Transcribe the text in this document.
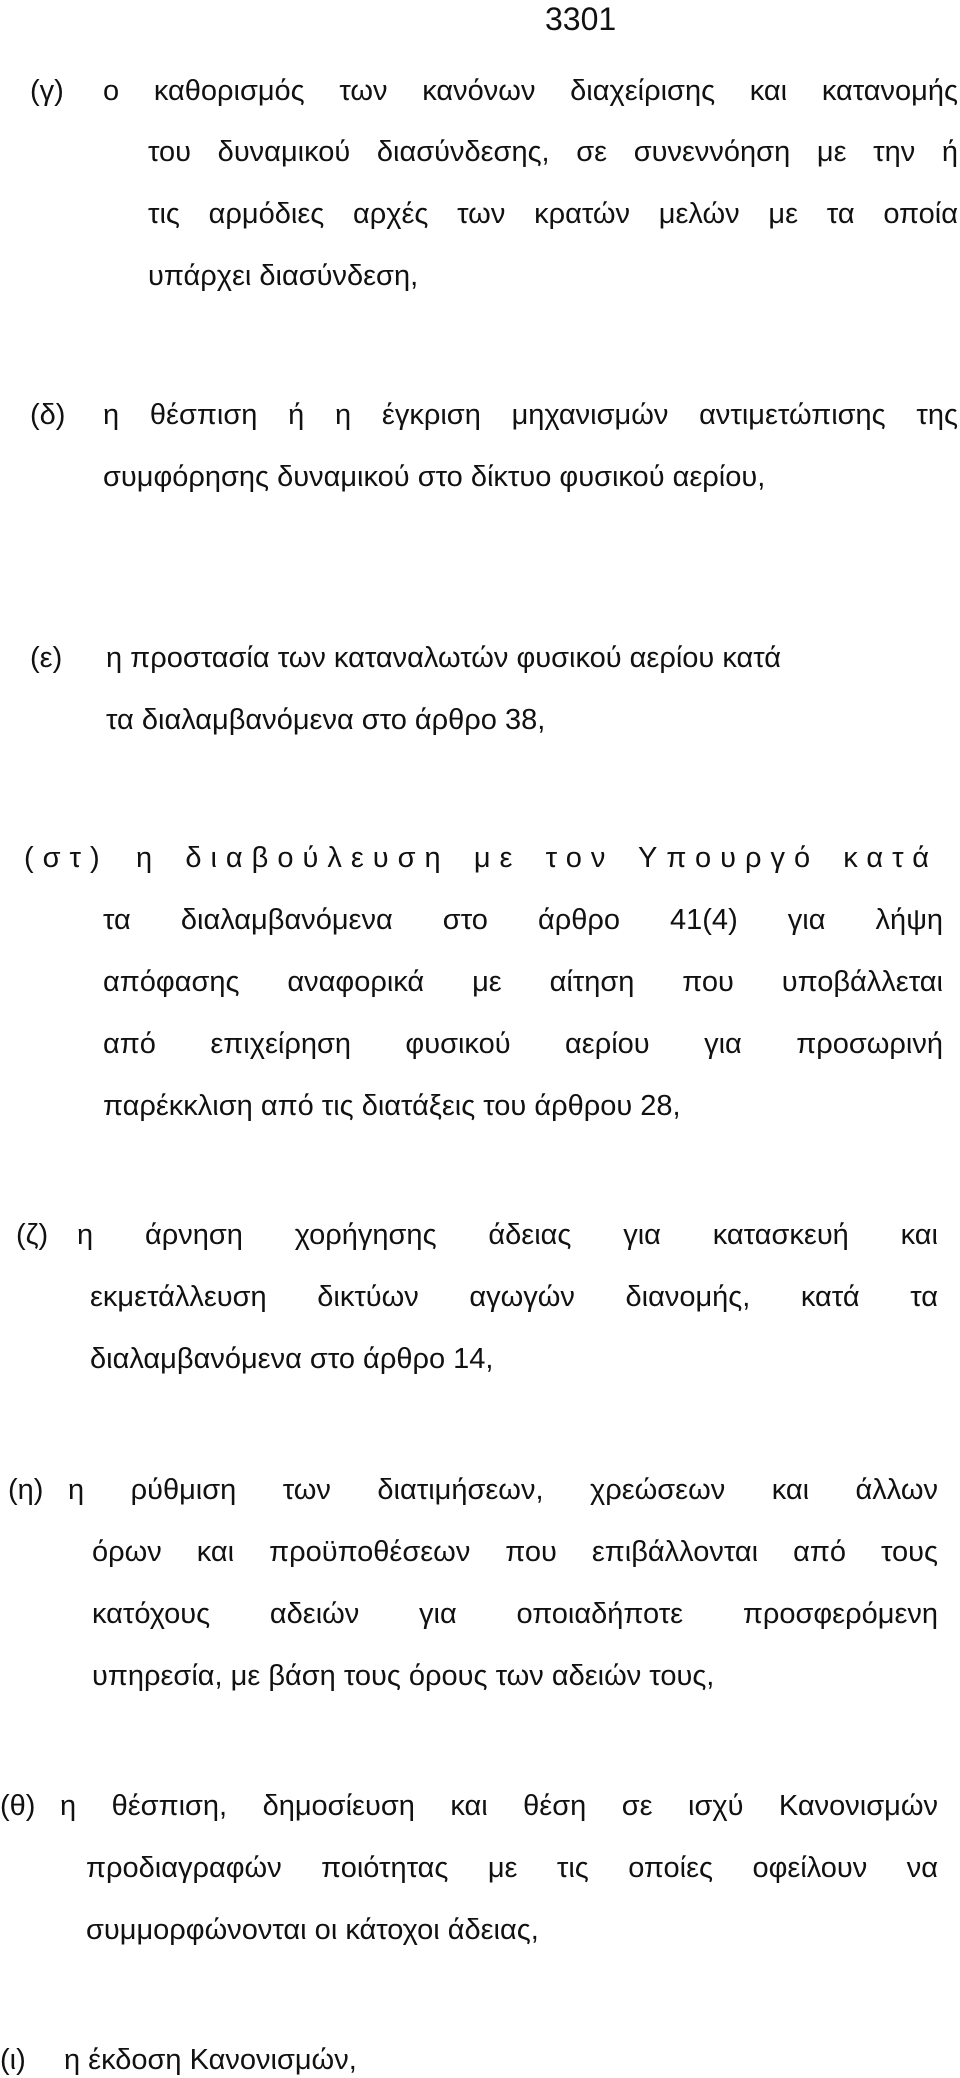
3301
(γ) ο καθορισμός των κανόνων διαχείρισης και κατανομής
του δυναμικού διασύνδεσης, σε συνεννόηση με την ή
τις αρμόδιες αρχές των κρατών μελών με τα οποία
υπάρχει διασύνδεση,
(δ) η θέσπιση ή η έγκριση μηχανισμών αντιμετώπισης της
συμφόρησης δυναμικού στο δίκτυο φυσικού αερίου,
(ε) η προστασία των καταναλωτών φυσικού αερίου κατά
τα διαλαμβανόμενα στο άρθρο 38,
(στ) η διαβούλευση με τον Υπουργό κατά
τα διαλαμβανόμενα στο άρθρο 41(4) για λήψη
απόφασης αναφορικά με αίτηση που υποβάλλεται
από επιχείρηση φυσικού αερίου για προσωρινή
παρέκκλιση από τις διατάξεις του άρθρου 28,
(ζ) η άρνηση χορήγησης άδειας για κατασκευή και
εκμετάλλευση δικτύων αγωγών διανομής, κατά τα
διαλαμβανόμενα στο άρθρο 14,
(η) η ρύθμιση των διατιμήσεων, χρεώσεων και άλλων
όρων και προϋποθέσεων που επιβάλλονται από τους
κατόχους αδειών για οποιαδήποτε προσφερόμενη
υπηρεσία, με βάση τους όρους των αδειών τους,
(θ) η θέσπιση, δημοσίευση και θέση σε ισχύ Κανονισμών
προδιαγραφών ποιότητας με τις οποίες οφείλουν να
συμμορφώνονται οι κάτοχοι άδειας,
(ι) η έκδοση Κανονισμών,
